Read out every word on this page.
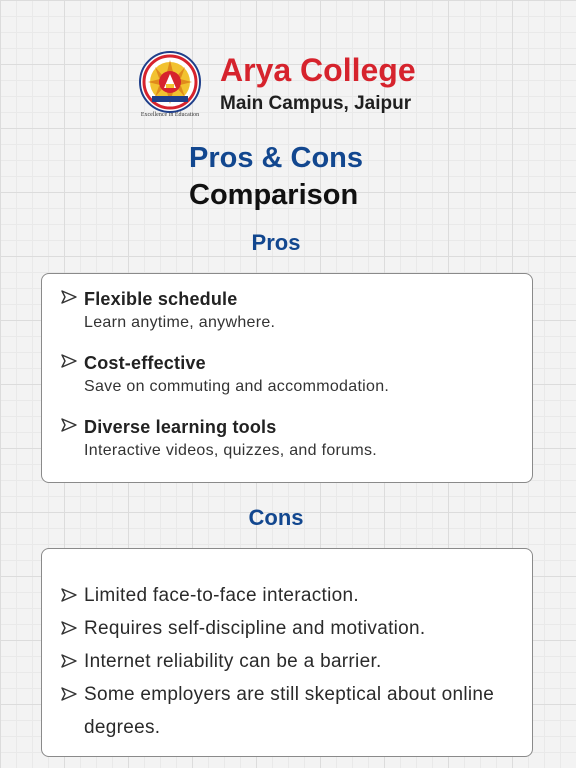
Excellence in Education
Arya College
Main Campus, Jaipur
Pros & Cons
Comparison
Pros
Flexible schedule
Learn anytime, anywhere.
Cost-effective
Save on commuting and accommodation.
Diverse learning tools
Interactive videos, quizzes, and forums.
Cons
Limited face-to-face interaction.
Requires self-discipline and motivation.
Internet reliability can be a barrier.
Some employers are still skeptical about online degrees.
